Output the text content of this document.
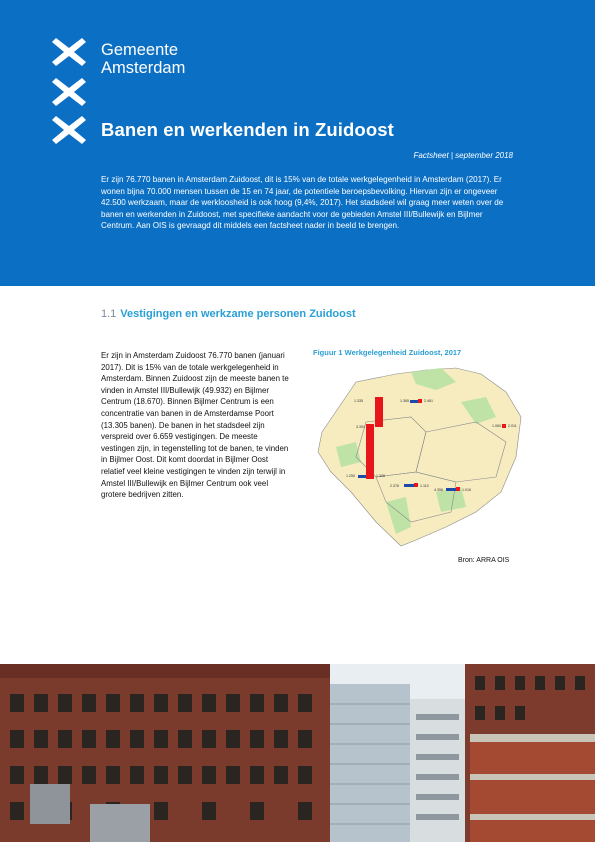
Gemeente
Amsterdam
Banen en werkenden in Zuidoost
Factsheet | september 2018
Er zijn 76.770 banen in Amsterdam Zuidoost, dit is 15% van de totale werkgelegenheid in Amsterdam (2017). Er wonen bijna 70.000 mensen tussen de 15 en 74 jaar, de potentiele beroepsbevolking. Hiervan zijn er ongeveer 42.500 werkzaam, maar de werkloosheid is ook hoog (9,4%, 2017). Het stadsdeel wil graag meer weten over de banen en werkenden in Zuidoost, met specifieke aandacht voor de gebieden Amstel III/Bullewijk en Bijlmer Centrum. Aan OIS is gevraagd dit middels een factsheet nader in beeld te brengen.
1.1 Vestigingen en werkzame personen Zuidoost
Er zijn in Amsterdam Zuidoost 76.770 banen (januari 2017). Dit is 15% van de totale werkgelegenheid in Amsterdam. Binnen Zuidoost zijn de meeste banen te vinden in Amstel III/Bullewijk (49.932) en Bijlmer Centrum (18.670). Binnen Bijlmer Centrum is een concentratie van banen in de Amsterdamse Poort (13.305 banen). De banen in het stadsdeel zijn verspreid over 6.659 vestigingen. De meeste vestingen zijn, in tegenstelling tot de banen, te vinden in Bijlmer Oost. Dit komt doordat in Bijlmer Oost relatief veel kleine vestigingen te vinden zijn terwijl in Amstel III/Bullewijk en Bijlmer Centrum ook veel grotere bedrijven zitten.
Figuur 1 Werkgelegenheid Zuidoost, 2017
1.335
3.391
1.365	2.461
1.250	1.305
2.376	1.110
4.356	1.016
1.060 2.011
Bron: ARRA OIS
